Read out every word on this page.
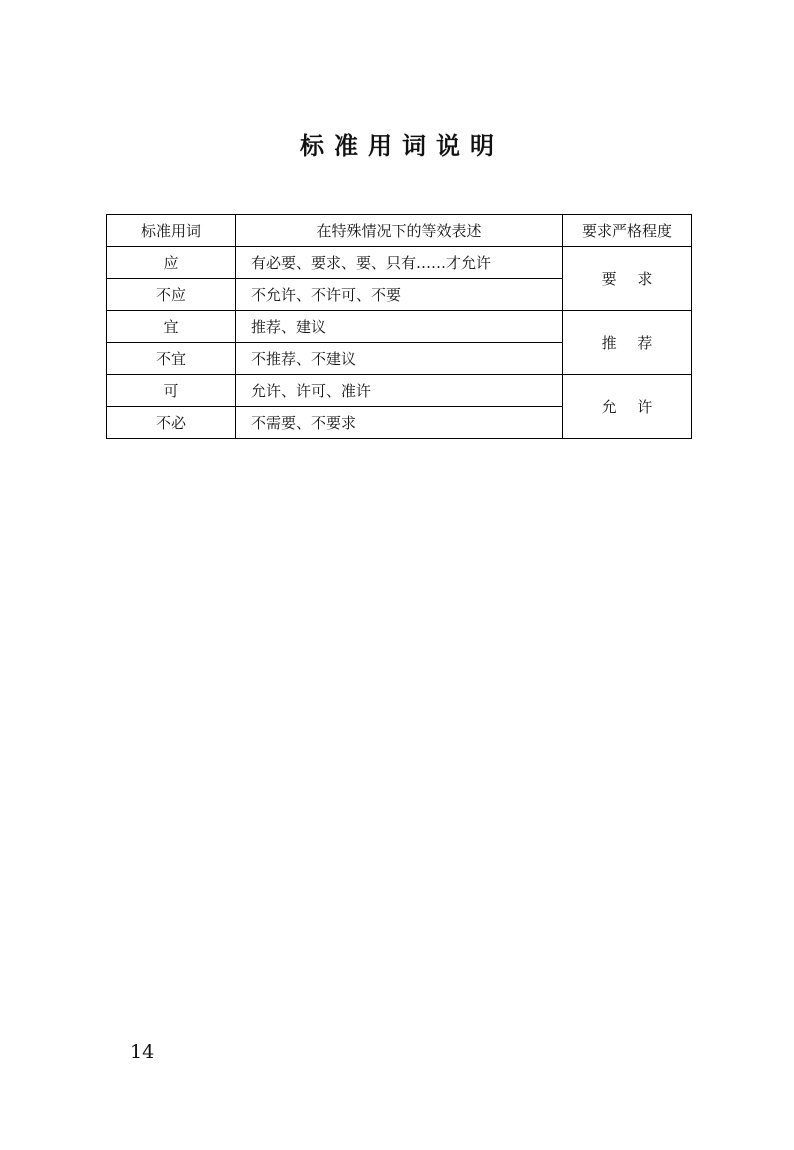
标准用词说明
标准用词	在特殊情况下的等效表述	要求严格程度
应	有必要、要求、要、只有……才允许	要 求
不应	不允许、不许可、不要	
宜	推荐、建议	推 荐
不宜	不推荐、不建议	
可	允许、许可、准许	允 许
不必	不需要、不要求	
14
